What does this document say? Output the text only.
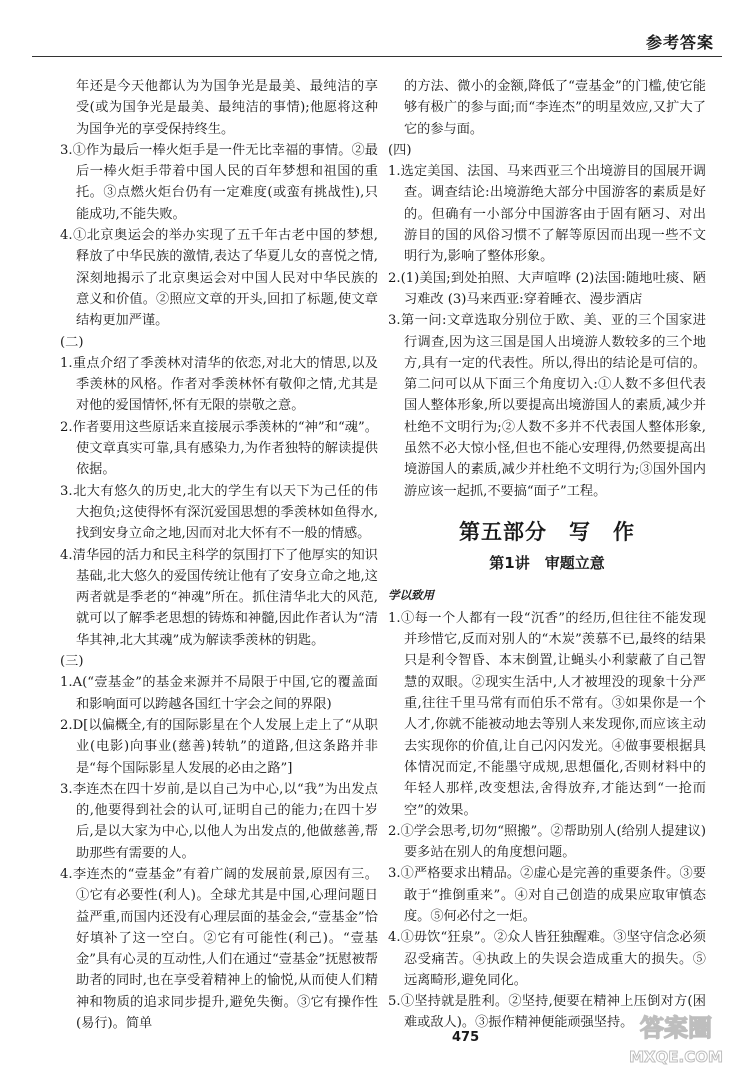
参考答案

年还是今天他都认为为国争光是最美、最纯洁的享受(或为国争光是最美、最纯洁的事情);他愿将这种为国争光的享受保持终生。

3.①作为最后一棒火炬手是一件无比幸福的事情。②最后一棒火炬手带着中国人民的百年梦想和祖国的重托。③点燃火炬台仍有一定难度(或蛮有挑战性),只能成功,不能失败。

4.①北京奥运会的举办实现了五千年古老中国的梦想,释放了中华民族的激情,表达了华夏儿女的喜悦之情,深刻地揭示了北京奥运会对中国人民对中华民族的意义和价值。②照应文章的开头,回扣了标题,使文章结构更加严谨。

(二)

1.重点介绍了季羡林对清华的依恋,对北大的情思,以及季羡林的风格。作者对季羡林怀有敬仰之情,尤其是对他的爱国情怀,怀有无限的崇敬之意。

2.作者要用这些原话来直接展示季羡林的“神”和“魂”。使文章真实可靠,具有感染力,为作者独特的解读提供依据。

3.北大有悠久的历史,北大的学生有以天下为己任的伟大抱负;这使得怀有深沉爱国思想的季羡林如鱼得水,找到安身立命之地,因而对北大怀有不一般的情感。

4.清华园的活力和民主科学的氛围打下了他厚实的知识基础,北大悠久的爱国传统让他有了安身立命之地,这两者就是季老的“神魂”所在。抓住清华北大的风范,就可以了解季老思想的铸炼和神髓,因此作者认为“清华其神,北大其魂”成为解读季羡林的钥匙。

(三)

1.A(“壹基金”的基金来源并不局限于中国,它的覆盖面和影响面可以跨越各国红十字会之间的界限)

2.D[以偏概全,有的国际影星在个人发展上走上了“从职业(电影)向事业(慈善)转轨”的道路,但这条路并非是“每个国际影星人发展的必由之路”]

3.李连杰在四十岁前,是以自己为中心,以“我”为出发点的,他要得到社会的认可,证明自己的能力;在四十岁后,是以大家为中心,以他人为出发点的,他做慈善,帮助那些有需要的人。

4.李连杰的“壹基金”有着广阔的发展前景,原因有三。①它有必要性(利人)。全球尤其是中国,心理问题日益严重,而国内还没有心理层面的基金会,“壹基金”恰好填补了这一空白。②它有可能性(利己)。“壹基金”具有心灵的互动性,人们在通过“壹基金”抚慰被帮助者的同时,也在享受着精神上的愉悦,从而使人们精神和物质的追求同步提升,避免失衡。③它有操作性(易行)。简单

的方法、微小的金额,降低了“壹基金”的门槛,使它能够有极广的参与面;而“李连杰”的明星效应,又扩大了它的参与面。

(四)

1.选定美国、法国、马来西亚三个出境游目的国展开调查。调查结论:出境游绝大部分中国游客的素质是好的。但确有一小部分中国游客由于固有陋习、对出游目的国的风俗习惯不了解等原因而出现一些不文明行为,影响了整体形象。

2.(1)美国;到处拍照、大声喧哗 (2)法国:随地吐痰、陋习难改 (3)马来西亚:穿着睡衣、漫步酒店

3.第一问:文章选取分别位于欧、美、亚的三个国家进行调查,因为这三国是国人出境游人数较多的三个地方,具有一定的代表性。所以,得出的结论是可信的。第二问可以从下面三个角度切入:①人数不多但代表国人整体形象,所以要提高出境游国人的素质,减少并杜绝不文明行为;②人数不多并不代表国人整体形象,虽然不必大惊小怪,但也不能心安理得,仍然要提高出境游国人的素质,减少并杜绝不文明行为;③国外国内游应该一起抓,不要搞“面子”工程。

第五部分　写　作
第1讲　审题立意
学以致用

1.①每一个人都有一段“沉香”的经历,但往往不能发现并珍惜它,反而对别人的“木炭”羡慕不已,最终的结果只是利令智昏、本末倒置,让蝇头小利蒙蔽了自己智慧的双眼。②现实生活中,人才被埋没的现象十分严重,往往千里马常有而伯乐不常有。③如果你是一个人才,你就不能被动地去等别人来发现你,而应该主动去实现你的价值,让自己闪闪发光。④做事要根据具体情况而定,不能墨守成规,思想僵化,否则材料中的年轻人那样,改变想法,舍得放弃,才能达到“一抢而空”的效果。

2.①学会思考,切勿“照搬”。②帮助别人(给别人提建议)要多站在别人的角度想问题。

3.①严格要求出精品。②虚心是完善的重要条件。③要敢于“推倒重来”。④对自己创造的成果应取审慎态度。⑤何必付之一炬。

4.①毋饮“狂泉”。②众人皆狂独醒难。③坚守信念必须忍受痛苦。④执政上的失误会造成重大的损失。⑤远离畸形,避免同化。

5.①坚持就是胜利。②坚持,便要在精神上压倒对方(困难或敌人)。③振作精神便能顽强坚持。

475	答案圈
MXQE.COM
